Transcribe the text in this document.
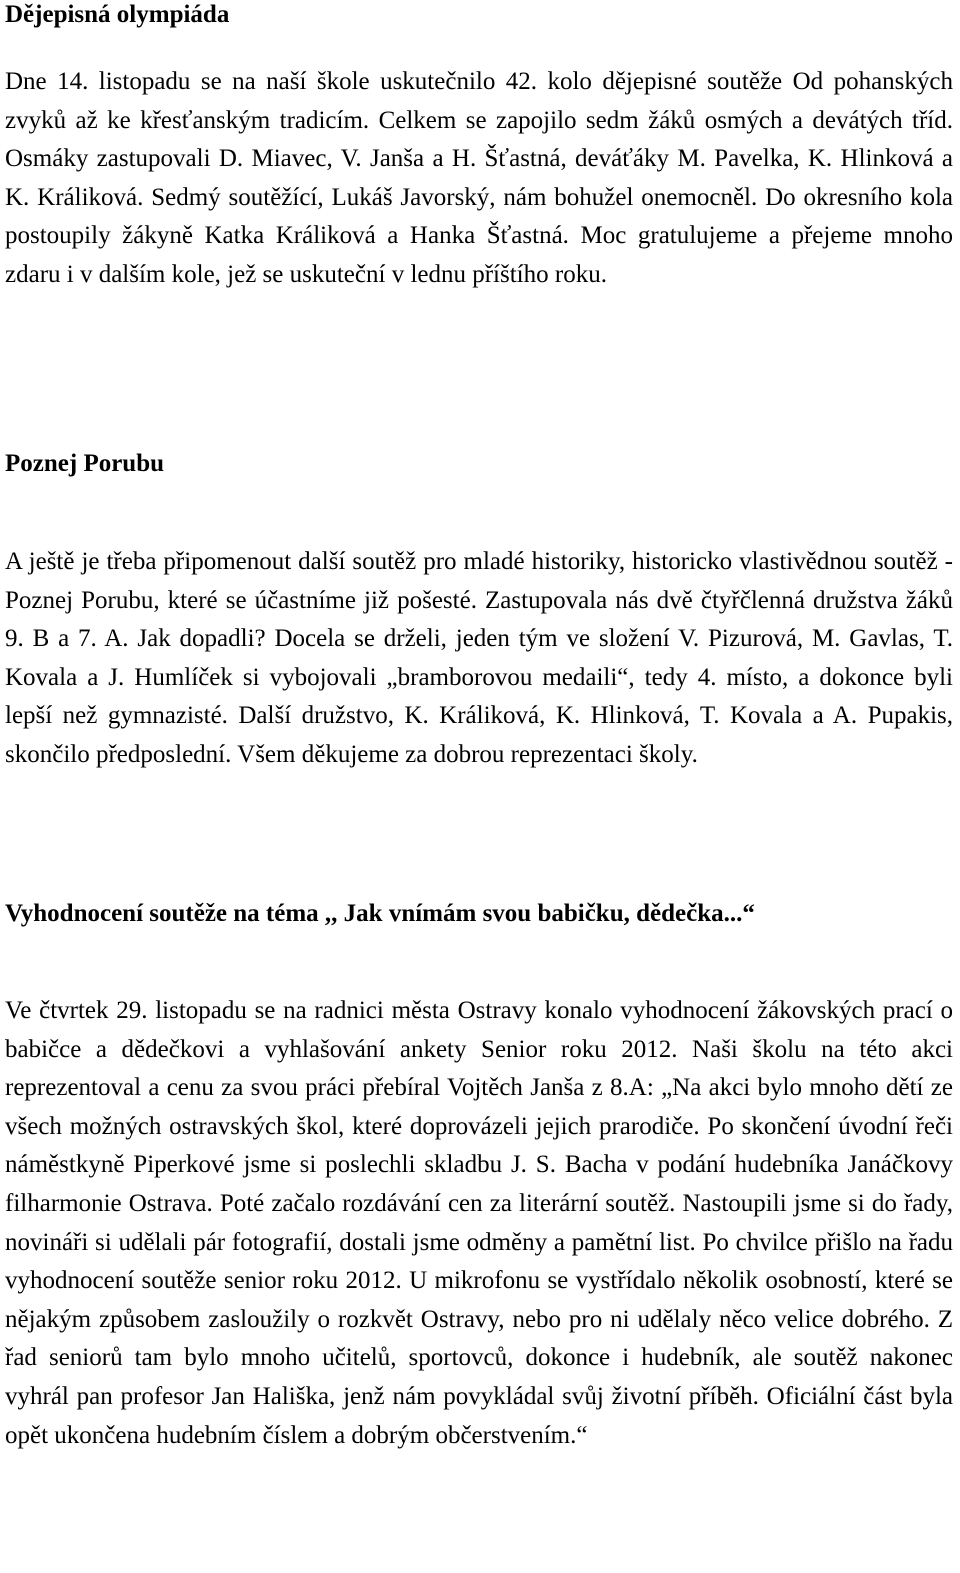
Dějepisná olympiáda

Dne 14. listopadu se na naší škole uskutečnilo 42. kolo dějepisné soutěže Od pohanských zvyků až ke křesťanským tradicím. Celkem se zapojilo sedm žáků osmých a devátých tříd. Osmáky zastupovali D. Miavec, V. Janša a H. Šťastná, deváťáky M. Pavelka, K. Hlinková a K. Králiková. Sedmý soutěžící, Lukáš Javorský, nám bohužel onemocněl. Do okresního kola postoupily žákyně Katka Králiková a Hanka Šťastná. Moc gratulujeme a přejeme mnoho zdaru i v dalším kole, jež se uskuteční v lednu příštího roku.

Poznej Porubu

A ještě je třeba připomenout další soutěž pro mladé historiky, historicko vlastivědnou soutěž - Poznej Porubu, které se účastníme již pošesté. Zastupovala nás dvě čtyřčlenná družstva žáků 9. B a 7. A. Jak dopadli? Docela se drželi, jeden tým ve složení V. Pizurová, M. Gavlas, T. Kovala a J. Humlíček si vybojovali „bramborovou medaili“, tedy 4. místo, a dokonce byli lepší než gymnazisté. Další družstvo, K. Králiková, K. Hlinková, T. Kovala a A. Pupakis, skončilo předposlední. Všem děkujeme za dobrou reprezentaci školy.

Vyhodnocení soutěže na téma ,, Jak vnímám svou babičku, dědečka...“

Ve čtvrtek 29. listopadu se na radnici města Ostravy konalo vyhodnocení žákovských prací o babičce a dědečkovi a vyhlašování ankety Senior roku 2012. Naši školu na této akci reprezentoval a cenu za svou práci přebíral Vojtěch Janša z 8.A: „Na akci bylo mnoho dětí ze všech možných ostravských škol, které doprovázeli jejich prarodiče. Po skončení úvodní řeči náměstkyně Piperkové jsme si poslechli skladbu J. S. Bacha v podání hudebníka Janáčkovy filharmonie Ostrava. Poté začalo rozdávání cen za literární soutěž. Nastoupili jsme si do řady, novináři si udělali pár fotografií, dostali jsme odměny a pamětní list. Po chvilce přišlo na řadu vyhodnocení soutěže senior roku 2012. U mikrofonu se vystřídalo několik osobností, které se nějakým způsobem zasloužily o rozkvět Ostravy, nebo pro ni udělaly něco velice dobrého. Z řad seniorů tam bylo mnoho učitelů, sportovců, dokonce i hudebník, ale soutěž nakonec vyhrál pan profesor Jan Hališka, jenž nám povykládal svůj životní příběh. Oficiální část byla opět ukončena hudebním číslem a dobrým občerstvením.“
